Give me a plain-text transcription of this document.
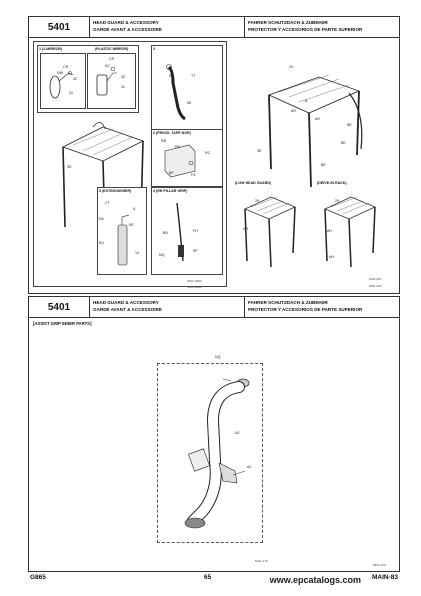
5401	HEAD GUARD & ACCESSORY
GARDE AVANT & ACCESSOIRE
FAHRER SCHUTZDACH & ZUBEHöR
PROTECTOR Y ACCESORIOS DE PARTE SUPERIOR
1 (2-MIRROR)	(PLASTIC MIRROR)
CR
NW
32
31
CR
AC
32
31
3
AS	TT
65
SE
2 (PENCIL TAPE NOR)
RB
RK
RC
BP	F4
3 (EXTINGUISHER)
ZT
IL
EA
EE
KU
14
4 (RH PILLAR GRIP)
BN	FH
SP
NQ
5401-086A
5401-086A
29
AH
B
AH
BE
BE
BE
SE
(LOW HEAD GUARD)
29
AH
(DRIVE-IN RACK)
29
AH
AH
5401-097
5401-097
5401	HEAD GUARD & ACCESSORY
GARDE AVANT & ACCESSOIRE
FAHRER SCHUTZDACH & ZUBEHöR
PROTECTOR Y ACCESORIOS DE PARTE SUPERIOR
[ASSIST GRIP INNER PARTS]
NQ
A3
A2
5401-470
5401-470
G865	65	MAIN-83
www.epcatalogs.com
